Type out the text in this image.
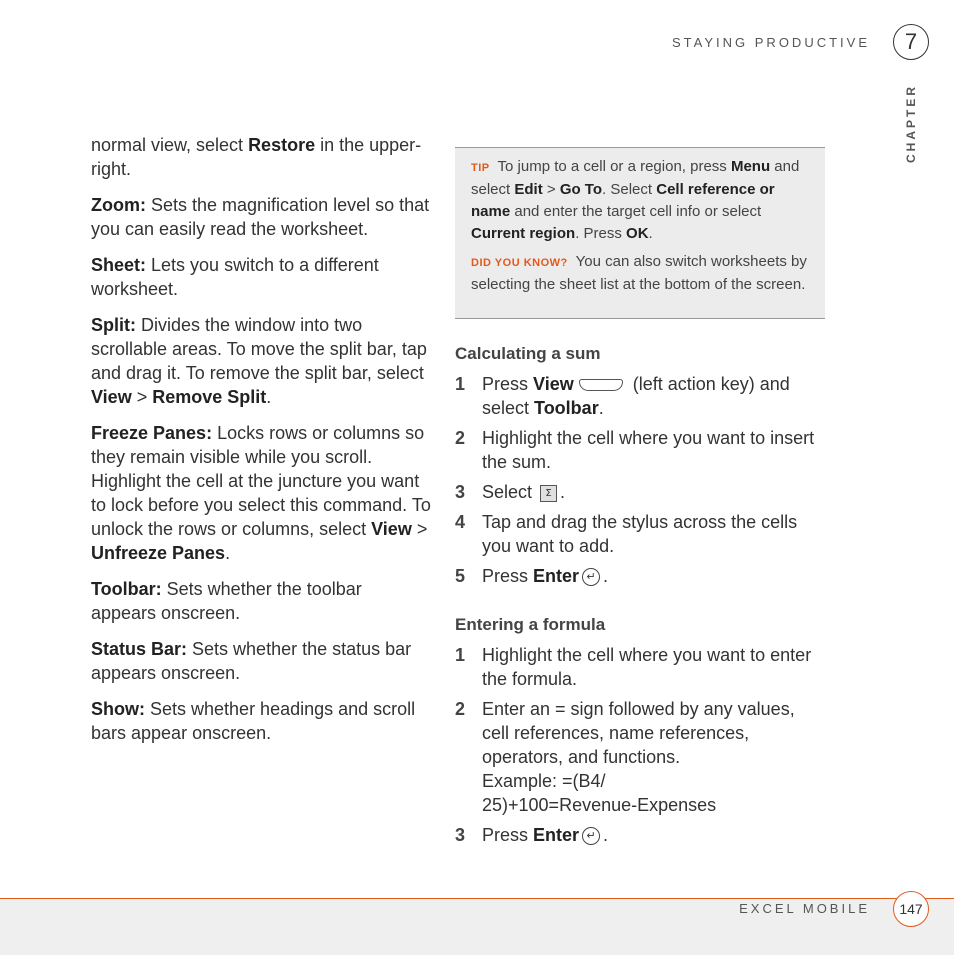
STAYING PRODUCTIVE	7
CHAPTER

normal view, select Restore in the upper-right.

Zoom: Sets the magnification level so that you can easily read the worksheet.

Sheet: Lets you switch to a different worksheet.

Split: Divides the window into two scrollable areas. To move the split bar, tap and drag it. To remove the split bar, select View > Remove Split.

Freeze Panes: Locks rows or columns so they remain visible while you scroll. Highlight the cell at the juncture you want to lock before you select this command. To unlock the rows or columns, select View > Unfreeze Panes.

Toolbar: Sets whether the toolbar appears onscreen.

Status Bar: Sets whether the status bar appears onscreen.

Show: Sets whether headings and scroll bars appear onscreen.

TIP To jump to a cell or a region, press Menu and select Edit > Go To. Select Cell reference or name and enter the target cell info or select Current region. Press OK.

DID YOU KNOW? You can also switch worksheets by selecting the sheet list at the bottom of the screen.

Calculating a sum
1 Press View	(left action key) and select Toolbar.
2 Highlight the cell where you want to insert the sum.
3 Select Σ .
4 Tap and drag the stylus across the cells you want to add.
5 Press Enter ↵ .
Entering a formula
1 Highlight the cell where you want to enter the formula.
2 Enter an = sign followed by any values, cell references, name references, operators, and functions.
Example: =(B4/
25)+100=Revenue-Expenses
3 Press Enter ↵ .
EXCEL MOBILE	147
